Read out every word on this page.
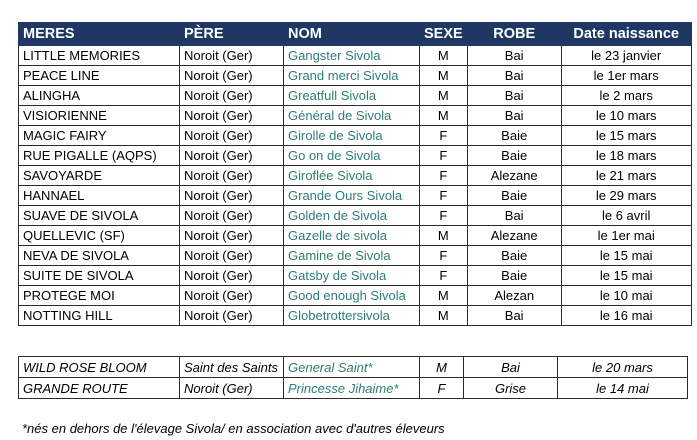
MERES	PÈRE	NOM	SEXE	ROBE	Date naissance
LITTLE MEMORIES	Noroit (Ger)	Gangster Sivola	M	Bai	le 23 janvier
PEACE LINE	Noroit (Ger)	Grand merci Sivola	M	Bai	le 1er mars
ALINGHA	Noroit (Ger)	Greatfull Sivola	M	Bai	le 2 mars
VISIORIENNE	Noroit (Ger)	Général de Sivola	M	Bai	le 10 mars
MAGIC FAIRY	Noroit (Ger)	Girolle de Sivola	F	Baie	le 15 mars
RUE PIGALLE (AQPS)	Noroit (Ger)	Go on de Sivola	F	Baie	le 18 mars
SAVOYARDE	Noroit (Ger)	Giroflée Sivola	F	Alezane	le 21 mars
HANNAEL	Noroit (Ger)	Grande Ours Sivola	F	Baie	le 29 mars
SUAVE DE SIVOLA	Noroit (Ger)	Golden de Sivola	F	Bai	le 6 avril
QUELLEVIC (SF)	Noroit (Ger)	Gazelle de sivola	M	Alezane	le 1er mai
NEVA DE SIVOLA	Noroit (Ger)	Gamine de Sivola	F	Baie	le 15 mai
SUITE DE SIVOLA	Noroit (Ger)	Gatsby de Sivola	F	Baie	le 15 mai
PROTEGE MOI	Noroit (Ger)	Good enough Sivola	M	Alezan	le 10 mai
NOTTING HILL	Noroit (Ger)	Globetrottersivola	M	Bai	le 16 mai
WILD ROSE BLOOM	Saint des Saints	General Saint*	M	Bai	le 20 mars
GRANDE ROUTE	Noroit (Ger)	Princesse Jihaime*	F	Grise	le 14 mai
*nés en dehors de l'élevage Sivola/ en association avec d'autres éleveurs
